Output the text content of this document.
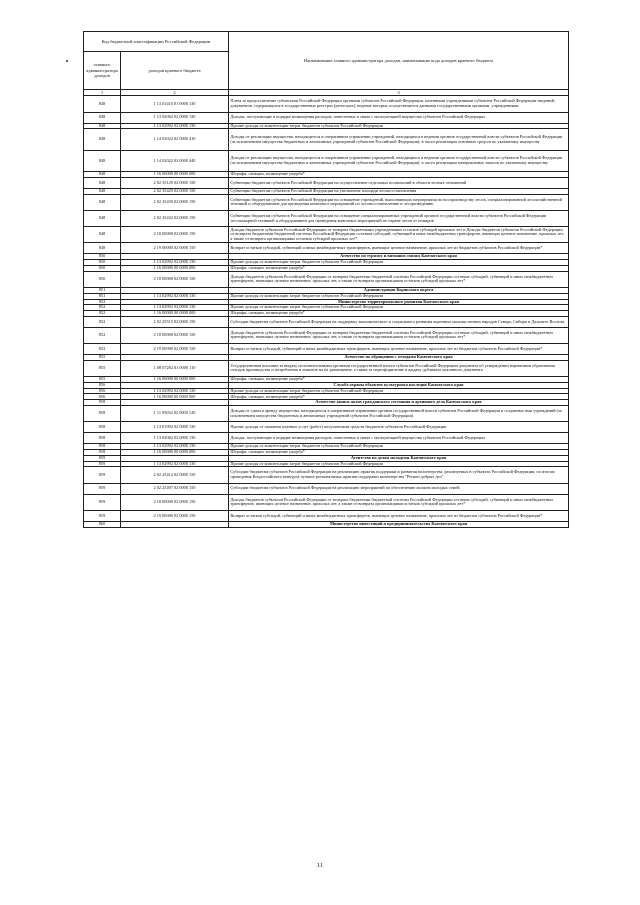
Код бюджетной классификации Российской Федерации		Наименование главного администратора доходов, наименование кода доходов краевого бюджета
главного администратора доходов	доходов краевого бюджета	
1	2	3
848	1 13 01410 01 0000 130	Плата за предоставление субъектами Российской Федерации органами субъектов Российской Федерации, казенными учреждениями субъектов Российской Федерации сведений, документов, содержащихся в государственных реестрах (регистрах), ведение которых осуществляется данными государственными органами, учреждениями
848	1 13 02062 02 0000 130	Доходы, поступающие в порядке возмещения расходов, понесенных в связи с эксплуатацией имущества субъектов Российской Федерации
848	1 13 02992 02 0000 130	Прочие доходы от компенсации затрат бюджетов субъектов Российской Федерации
848	1 14 02022 02 0000 410	Доходы от реализации имущества, находящегося в оперативном управлении учреждений, находящихся в ведении органов государственной власти субъектов Российской Федерации (за исключением имущества бюджетных и автономных учреждений субъектов Российской Федерации), в части реализации основных средств по указанному имуществу
848	1 14 02022 02 0000 440	Доходы от реализации имущества, находящегося в оперативном управлении учреждений, находящихся в ведении органов государственной власти субъектов Российской Федерации (за исключением имущества бюджетных и автономных учреждений субъектов Российской Федерации), в части реализации материальных запасов по указанному имуществу
848	1 16 00000 00 0000 000	Штрафы, санкции, возмещение ущерба*
848	2 02 35129 02 0000 150	Субвенции бюджетам субъектов Российской Федерации на осуществление отдельных полномочий в области лесных отношений
848	2 02 35429 02 0000 150	Субвенции бюджетам субъектов Российской Федерации на увеличение площади лесовосстановления
848	2 02 35430 02 0000 150	Субвенции бюджетам субъектов Российской Федерации на оснащение учреждений, выполняющих мероприятия по воспроизводству лесов, специализированной лесохозяйственной техникой и оборудованием для проведения комплекса мероприятий по лесовосстановлению и лесоразведению
848	2 02 35432 02 0000 150	Субвенции бюджетам субъектов Российской Федерации на оснащение специализированных учреждений органов государственной власти субъектов Российской Федерации лесопожарной техникой и оборудованием для проведения комплекса мероприятий по охране лесов от пожаров
848	2 18 00000 02 0000 150	Доходы бюджетов субъектов Российской Федерации от возврата бюджетными учреждениями остатков субсидий прошлых лет и Доходы бюджетов субъектов Российской Федерации от возврата бюджетами бюджетной системы Российской Федерации остатков субсидий, субвенций и иных межбюджетных трансфертов, имеющих целевое назначение, прошлых лет, а также от возврата организациями остатков субсидий прошлых лет*
848	2 19 00000 02 0000 150	Возврат остатков субсидий, субвенций и иных межбюджетных трансфертов, имеющих целевое назначение, прошлых лет из бюджетов субъектов Российской Федерации*
850		Агентство по туризму и внешним связям Камчатского края
850	1 13 02992 02 0000 130	Прочие доходы от компенсации затрат бюджетов субъектов Российской Федерации
850	1 16 00000 00 0000 000	Штрафы, санкции, возмещение ущерба*
850	2 18 00000 02 0000 150	Доходы бюджетов субъектов Российской Федерации от возврата бюджетами бюджетной системы Российской Федерации остатков субсидий, субвенций и иных межбюджетных трансфертов, имеющих целевое назначение, прошлых лет, а также от возврата организациями остатков субсидий прошлых лет*
851		Администрация Корякского округа
851	1 13 02992 02 0000 130	Прочие доходы от компенсации затрат бюджетов субъектов Российской Федерации
852		Министерство территориального развития Камчатского края
852	1 13 02992 02 0000 130	Прочие доходы от компенсации затрат бюджетов субъектов Российской Федерации
852	1 16 00000 00 0000 000	Штрафы, санкции, возмещение ущерба*
852	2 02 25515 02 0000 150	Субсидии бюджетам субъектов Российской Федерации на поддержку экономического и социального развития коренных малочисленных народов Севера, Сибири и Дальнего Востока
852	2 18 00000 02 0000 150	Доходы бюджетов субъектов Российской Федерации от возврата бюджетами бюджетной системы Российской Федерации остатков субсидий, субвенций и иных межбюджетных трансфертов, имеющих целевое назначение, прошлых лет, а также от возврата организациями остатков субсидий прошлых лет*
852	2 19 00000 02 0000 150	Возврат остатков субсидий, субвенций и иных межбюджетных трансфертов, имеющих целевое назначение, прошлых лет из бюджетов субъектов Российской Федерации*
855		Агентство по обращению с отходами Камчатского края
855	1 08 07282 01 0000 110	Государственная пошлина за выдачу исполнительными органами государственной власти субъектов Российской Федерации документа об утверждении нормативов образования отходов производства и потребления и лимитов на их размещение, а также за переоформление и выдачу дубликата указанного документа
855	1 16 00000 00 0000 000	Штрафы, санкции, возмещение ущерба*
856		Служба охраны объектов культурного наследия Камчатского края
856	1 13 02992 02 0000 130	Прочие доходы от компенсации затрат бюджетов субъектов Российской Федерации
856	1 16 00000 00 0000 000	Штрафы, санкции, возмещение ущерба*
858		Агентство записи актов гражданского состояния и архивного дела Камчатского края
858	1 11 05032 02 0000 120	Доходы от сдачи в аренду имущества, находящегося в оперативном управлении органов государственной власти субъектов Российской Федерации и созданных ими учреждений (за исключением имущества бюджетных и автономных учреждений субъектов Российской Федерации)
858	1 13 01992 02 0000 130	Прочие доходы от оказания платных услуг (работ) получателями средств бюджетов субъектов Российской Федерации
858	1 13 02062 02 0000 130	Доходы, поступающие в порядке возмещения расходов, понесенных в связи с эксплуатацией имущества субъектов Российской Федерации
858	1 13 02992 02 0000 130	Прочие доходы от компенсации затрат бюджетов субъектов Российской Федерации
858	1 16 00000 00 0000 000	Штрафы, санкции, возмещение ущерба*
859		Агентство по делам молодежи Камчатского края
859	1 13 02992 02 0000 130	Прочие доходы от компенсации затрат бюджетов субъектов Российской Федерации
859	2 02 25412 02 0000 150	Субсидии бюджетам субъектов Российской Федерации на реализацию практик поддержки и развития волонтерства, реализуемых в субъектах Российской Федерации, по итогам проведения Всероссийского конкурса лучших региональных практик поддержки волонтерства "Регион добрых дел"
859	2 02 25497 02 0000 150	Субсидии бюджетам субъектов Российской Федерации на реализацию мероприятий по обеспечению жильем молодых семей
859	2 18 00000 02 0000 150	Доходы бюджетов субъектов Российской Федерации от возврата бюджетами бюджетной системы Российской Федерации остатков субсидий, субвенций и иных межбюджетных трансфертов, имеющих целевое назначение, прошлых лет, а также от возврата организациями остатков субсидий прошлых лет*
859	2 19 00000 02 0000 150	Возврат остатков субсидий, субвенций и иных межбюджетных трансфертов, имеющих целевое назначение, прошлых лет из бюджетов субъектов Российской Федерации*
860		Министерство инвестиций и предпринимательства Камчатского края
11
